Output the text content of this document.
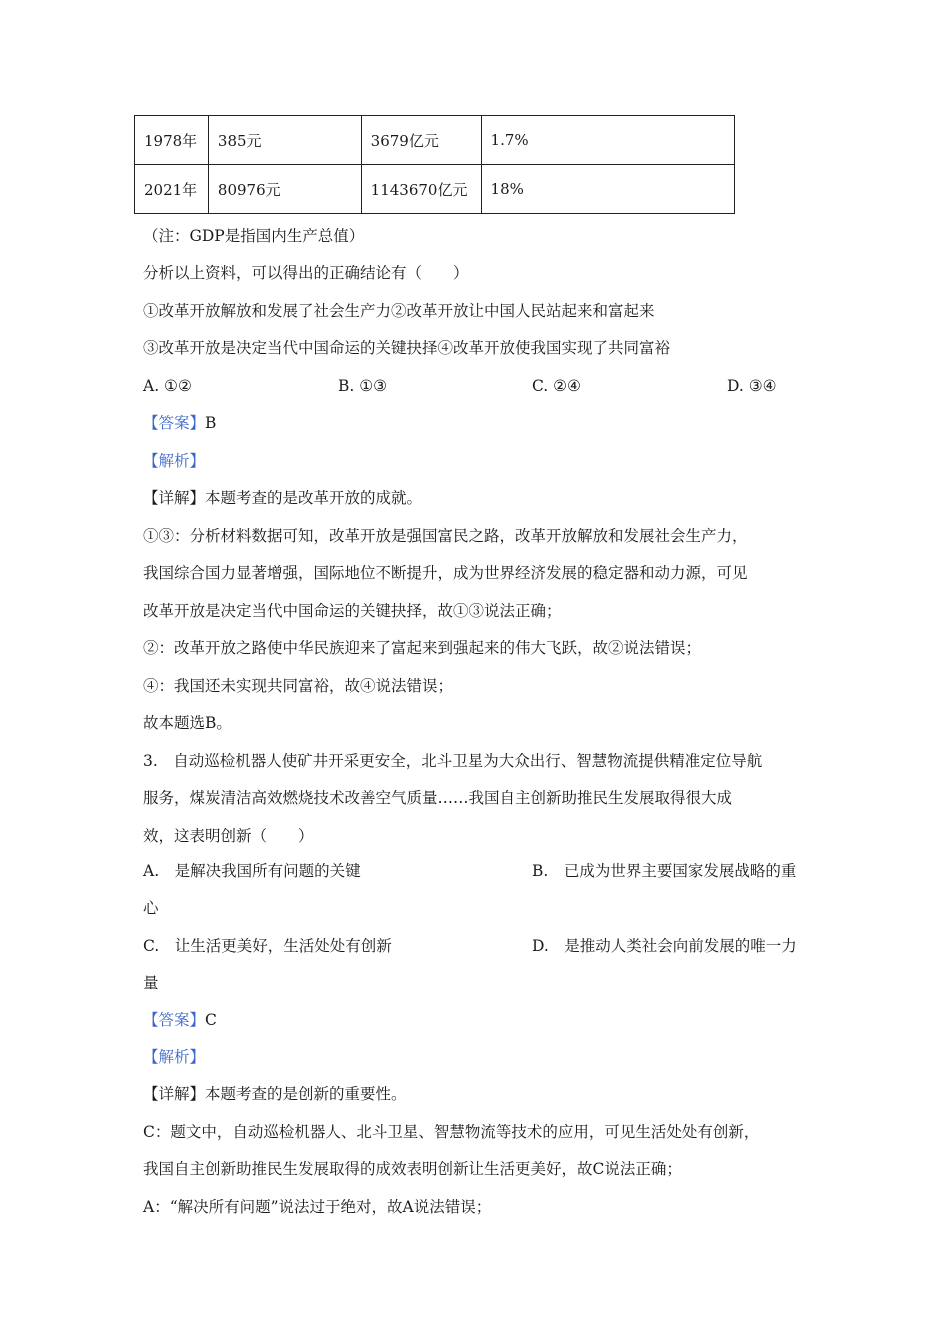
1978年	385元	3679亿元	1.7%
2021年	80976元	1143670亿元	18%
（注：GDP是指国内生产总值）
分析以上资料，可以得出的正确结论有（　　）
①改革开放解放和发展了社会生产力②改革开放让中国人民站起来和富起来
③改革开放是决定当代中国命运的关键抉择④改革开放使我国实现了共同富裕
A. ①②	B. ①③	C. ②④	D. ③④
【答案】B
【解析】
【详解】本题考查的是改革开放的成就。
①③：分析材料数据可知，改革开放是强国富民之路，改革开放解放和发展社会生产力，
我国综合国力显著增强，国际地位不断提升，成为世界经济发展的稳定器和动力源，可见
改革开放是决定当代中国命运的关键抉择，故①③说法正确；
②：改革开放之路使中华民族迎来了富起来到强起来的伟大飞跃，故②说法错误；
④：我国还未实现共同富裕，故④说法错误；
故本题选B。
3.　自动巡检机器人使矿井开采更安全，北斗卫星为大众出行、智慧物流提供精准定位导航
服务，煤炭清洁高效燃烧技术改善空气质量……我国自主创新助推民生发展取得很大成
效，这表明创新（　　）
A.　是解决我国所有问题的关键	B.　已成为世界主要国家发展战略的重
心
C.　让生活更美好，生活处处有创新	D.　是推动人类社会向前发展的唯一力
量
【答案】C
【解析】
【详解】本题考查的是创新的重要性。
C：题文中，自动巡检机器人、北斗卫星、智慧物流等技术的应用，可见生活处处有创新，
我国自主创新助推民生发展取得的成效表明创新让生活更美好，故C说法正确；
A：“解决所有问题”说法过于绝对，故A说法错误；
